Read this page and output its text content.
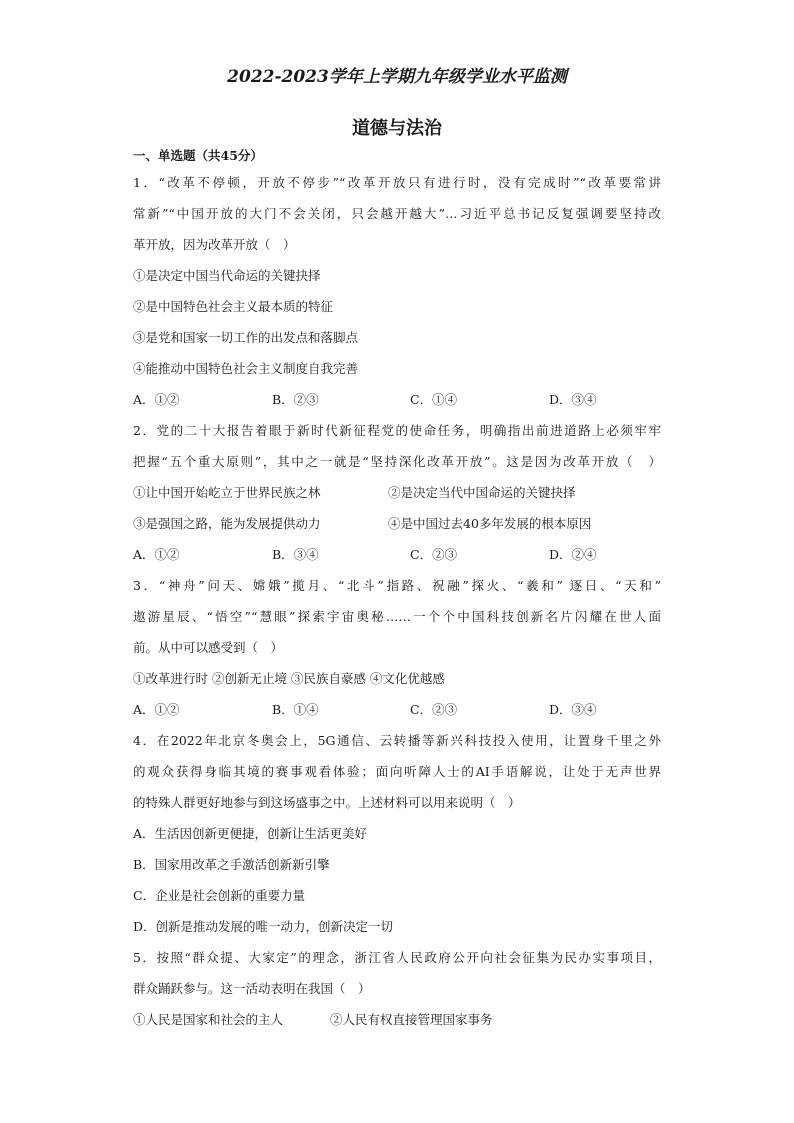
2022-2023学年上学期九年级学业水平监测
道德与法治
一、单选题（共45分）
1．“改革不停顿，开放不停步”“改革开放只有进行时，没有完成时”“改革要常讲
常新”“中国开放的大门不会关闭，只会越开越大”…习近平总书记反复强调要坚持改
革开放，因为改革开放（　）
①是决定中国当代命运的关键抉择
②是中国特色社会主义最本质的特征
③是党和国家一切工作的出发点和落脚点
④能推动中国特色社会主义制度自我完善
A．①②	B．②③	C．①④	D．③④
2．党的二十大报告着眼于新时代新征程党的使命任务，明确指出前进道路上必须牢牢
把握“五个重大原则”，其中之一就是“坚持深化改革开放”。这是因为改革开放（　）
①让中国开始屹立于世界民族之林	②是决定当代中国命运的关键抉择
③是强国之路，能为发展提供动力	④是中国过去40多年发展的根本原因
A．①②	B．③④	C．②③	D．②④
3．“神舟”问天、嫦娥”揽月、“北斗”指路、祝融”探火、“羲和” 逐日、“天和”
遨游星辰、“悟空”“慧眼”探索宇宙奥秘……一个个中国科技创新名片闪耀在世人面
前。从中可以感受到（　）
①改革进行时 ②创新无止境 ③民族自豪感 ④文化优越感
A．①②	B．①④	C．②③	D．③④
4．在2022年北京冬奥会上，5G通信、云转播等新兴科技投入使用，让置身千里之外
的观众获得身临其境的赛事观看体验；面向听障人士的AI手语解说，让处于无声世界
的特殊人群更好地参与到这场盛事之中。上述材料可以用来说明（　）
A．生活因创新更便捷，创新让生活更美好
B．国家用改革之手激活创新新引擎
C．企业是社会创新的重要力量
D．创新是推动发展的唯一动力，创新决定一切
5．按照“群众提、大家定”的理念，浙江省人民政府公开向社会征集为民办实事项目，
群众踊跃参与。这一活动表明在我国（　）
①人民是国家和社会的主人	②人民有权直接管理国家事务
